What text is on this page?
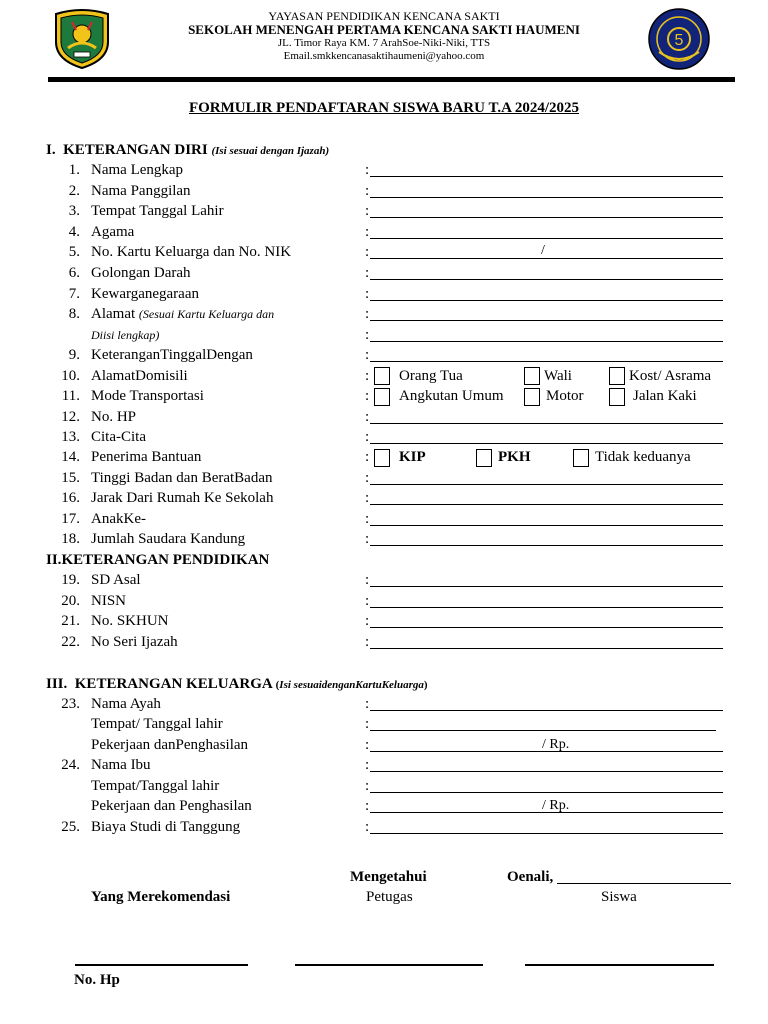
5
YAYASAN PENDIDIKAN KENCANA SAKTI
SEKOLAH MENENGAH PERTAMA KENCANA SAKTI HAUMENI
JL. Timor Raya KM. 7 ArahSoe-Niki-Niki, TTS
Email.smkkencanasaktihaumeni@yahoo.com
FORMULIR PENDAFTARAN SISWA BARU T.A 2024/2025
I. KETERANGAN DIRI (Isi sesuai dengan Ijazah)
1. Nama Lengkap	:
2. Nama Panggilan	:
3. Tempat Tanggal Lahir	:
4. Agama	:
5. No. Kartu Keluarga dan No. NIK	:	/
6. Golongan Darah	:
7. Kewarganegaraan	:
8. Alamat (Sesuai Kartu Keluarga dan	:
Diisi lengkap)	:
9. KeteranganTinggalDengan	:
10. AlamatDomisili	: Orang Tua	Wali	Kost/ Asrama
11. Mode Transportasi	: Angkutan Umum	Motor	Jalan Kaki
12. No. HP	:
13. Cita-Cita	:
14. Penerima Bantuan	: KIP	PKH	Tidak keduanya
15. Tinggi Badan dan BeratBadan	:
16. Jarak Dari Rumah Ke Sekolah	:
17. AnakKe-	:
18. Jumlah Saudara Kandung	:
II.KETERANGAN PENDIDIKAN
19. SD Asal	:
20. NISN	:
21. No. SKHUN	:
22. No Seri Ijazah	:
III. KETERANGAN KELUARGA (Isi sesuaidenganKartuKeluarga)
23. Nama Ayah	:
Tempat/ Tanggal lahir	:
Pekerjaan danPenghasilan	:	/ Rp.
24. Nama Ibu	:
Tempat/Tanggal lahir	:
Pekerjaan dan Penghasilan	:	/ Rp.
25. Biaya Studi di Tanggung	:
Mengetahui	Oenali,
Yang Merekomendasi	Petugas	Siswa
No. Hp
